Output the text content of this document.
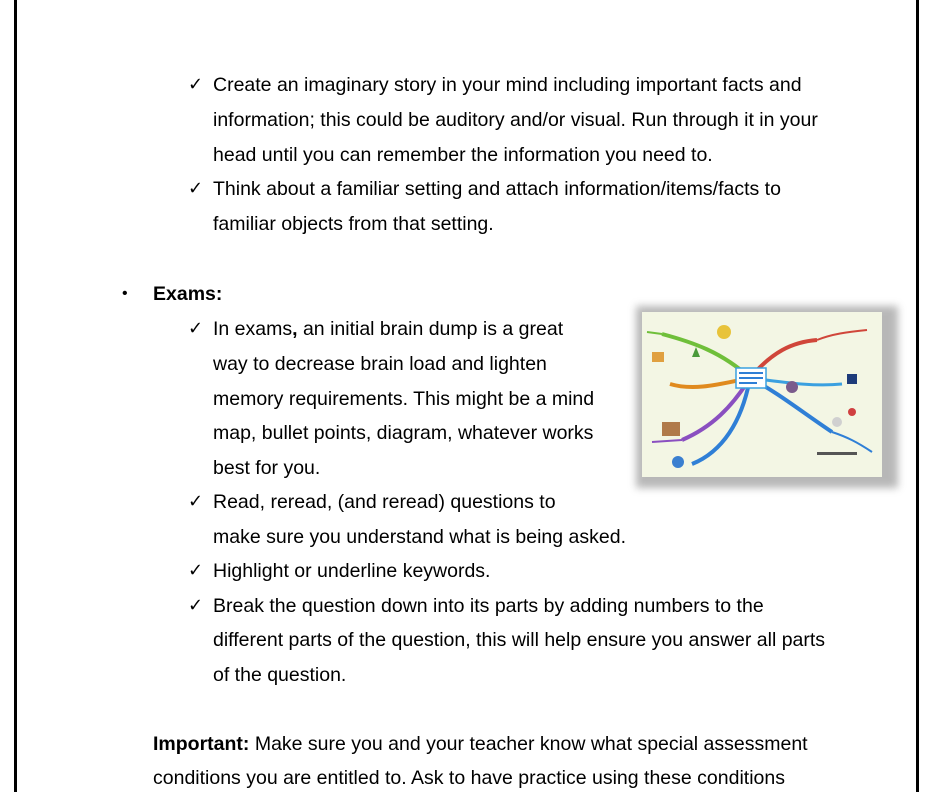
✓ Create an imaginary story in your mind including important facts and
information; this could be auditory and/or visual. Run through it in your
head until you can remember the information you need to.
✓ Think about a familiar setting and attach information/items/facts to
familiar objects from that setting.
• Exams:
✓ In exams, an initial brain dump is a great
way to decrease brain load and lighten
memory requirements. This might be a mind
map, bullet points, diagram, whatever works
best for you.
✓ Read, reread, (and reread) questions to
make sure you understand what is being asked.
✓ Highlight or underline keywords.
✓ Break the question down into its parts by adding numbers to the
different parts of the question, this will help ensure you answer all parts
of the question.
Important: Make sure you and your teacher know what special assessment
conditions you are entitled to. Ask to have practice using these conditions
